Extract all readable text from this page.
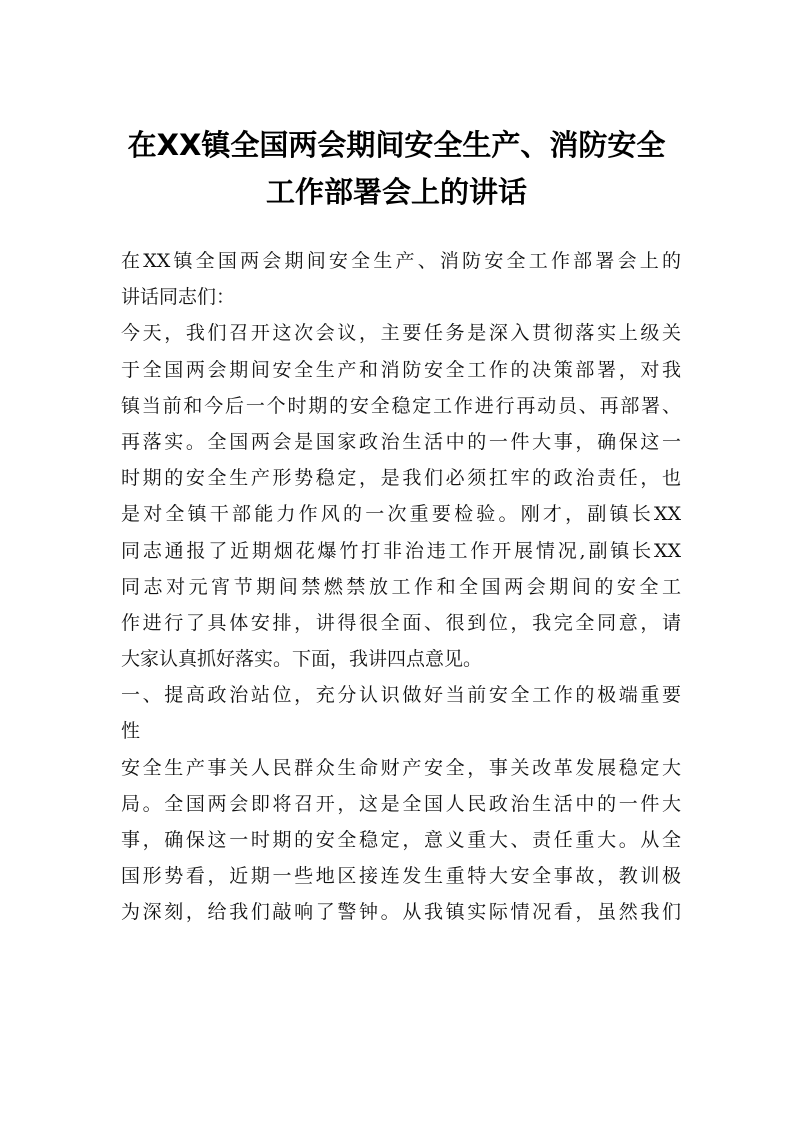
在XX镇全国两会期间安全生产、消防安全
工作部署会上的讲话
在XX镇全国两会期间安全生产、消防安全工作部署会上的
讲话同志们：
今天，我们召开这次会议，主要任务是深入贯彻落实上级关
于全国两会期间安全生产和消防安全工作的决策部署，对我
镇当前和今后一个时期的安全稳定工作进行再动员、再部署、
再落实。全国两会是国家政治生活中的一件大事，确保这一
时期的安全生产形势稳定，是我们必须扛牢的政治责任，也
是对全镇干部能力作风的一次重要检验。刚才，副镇长XX
同志通报了近期烟花爆竹打非治违工作开展情况,副镇长XX
同志对元宵节期间禁燃禁放工作和全国两会期间的安全工
作进行了具体安排，讲得很全面、很到位，我完全同意，请
大家认真抓好落实。下面，我讲四点意见。
一、提高政治站位，充分认识做好当前安全工作的极端重要
性
安全生产事关人民群众生命财产安全，事关改革发展稳定大
局。全国两会即将召开，这是全国人民政治生活中的一件大
事，确保这一时期的安全稳定，意义重大、责任重大。从全
国形势看，近期一些地区接连发生重特大安全事故，教训极
为深刻，给我们敲响了警钟。从我镇实际情况看，虽然我们
